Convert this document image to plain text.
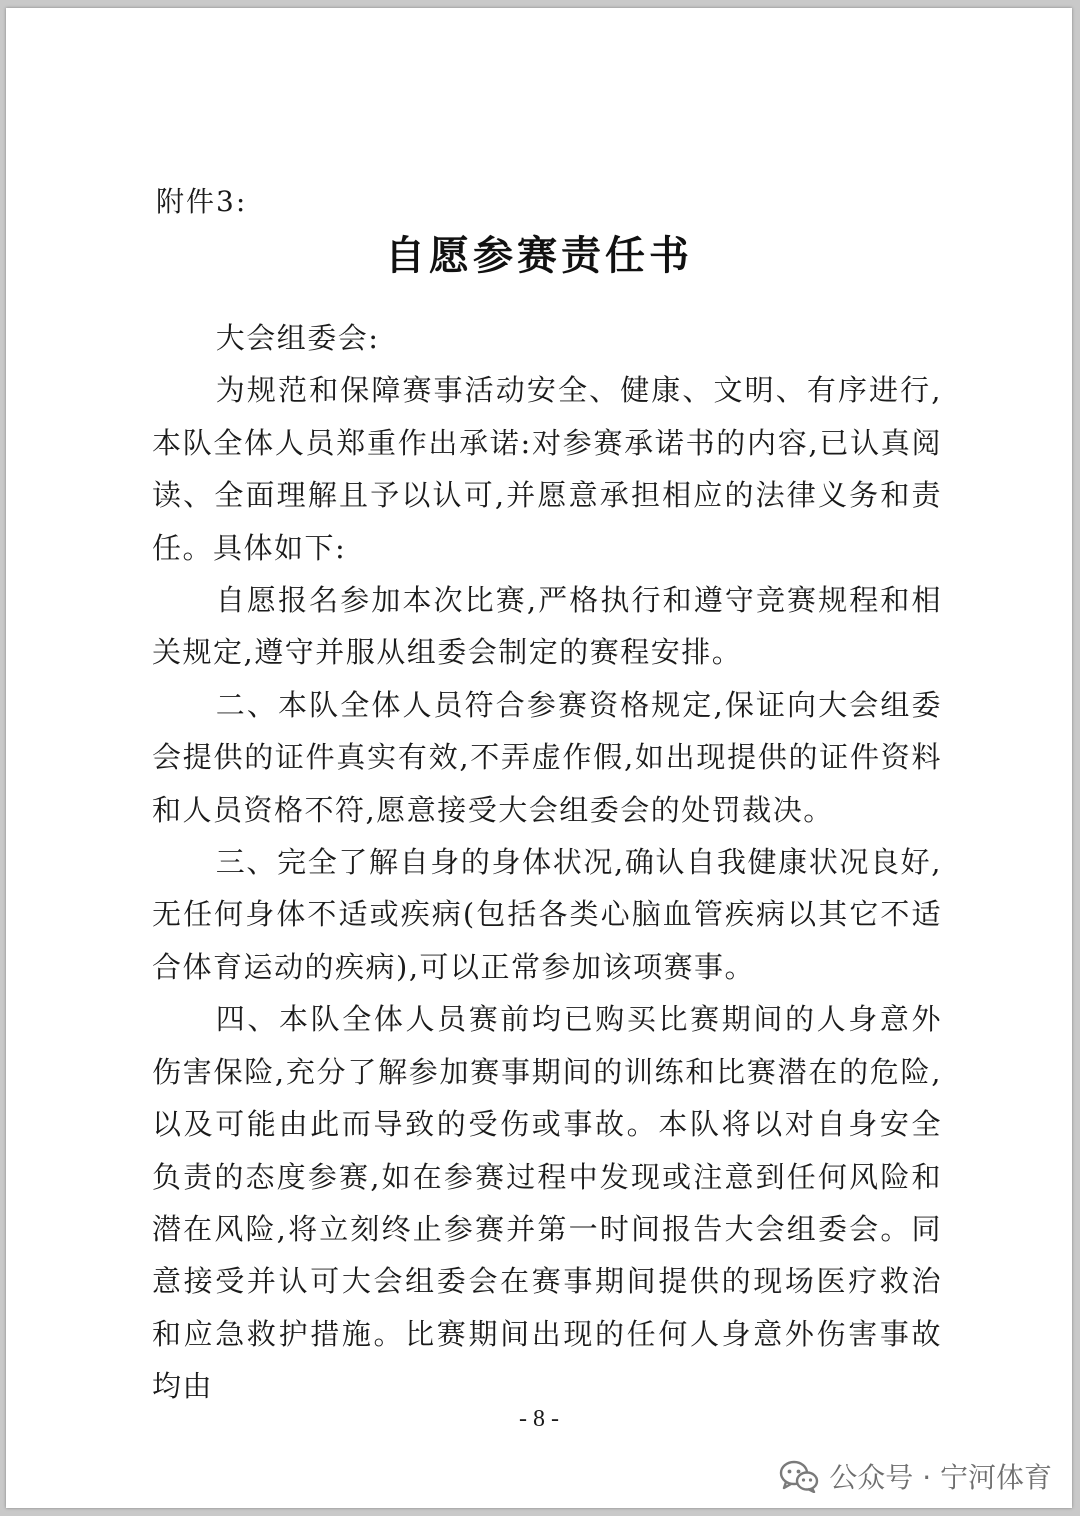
附件3:
自愿参赛责任书

大会组委会:

为规范和保障赛事活动安全、健康、文明、有序进行,本队全体人员郑重作出承诺:对参赛承诺书的内容,已认真阅读、全面理解且予以认可,并愿意承担相应的法律义务和责任。具体如下:

自愿报名参加本次比赛,严格执行和遵守竞赛规程和相关规定,遵守并服从组委会制定的赛程安排。

二、本队全体人员符合参赛资格规定,保证向大会组委会提供的证件真实有效,不弄虚作假,如出现提供的证件资料和人员资格不符,愿意接受大会组委会的处罚裁决。

三、完全了解自身的身体状况,确认自我健康状况良好,无任何身体不适或疾病(包括各类心脑血管疾病以其它不适合体育运动的疾病),可以正常参加该项赛事。

四、本队全体人员赛前均已购买比赛期间的人身意外伤害保险,充分了解参加赛事期间的训练和比赛潜在的危险,以及可能由此而导致的受伤或事故。本队将以对自身安全负责的态度参赛,如在参赛过程中发现或注意到任何风险和潜在风险,将立刻终止参赛并第一时间报告大会组委会。同意接受并认可大会组委会在赛事期间提供的现场医疗救治和应急救护措施。比赛期间出现的任何人身意外伤害事故均由

- 8 -
公众号 · 宁河体育
